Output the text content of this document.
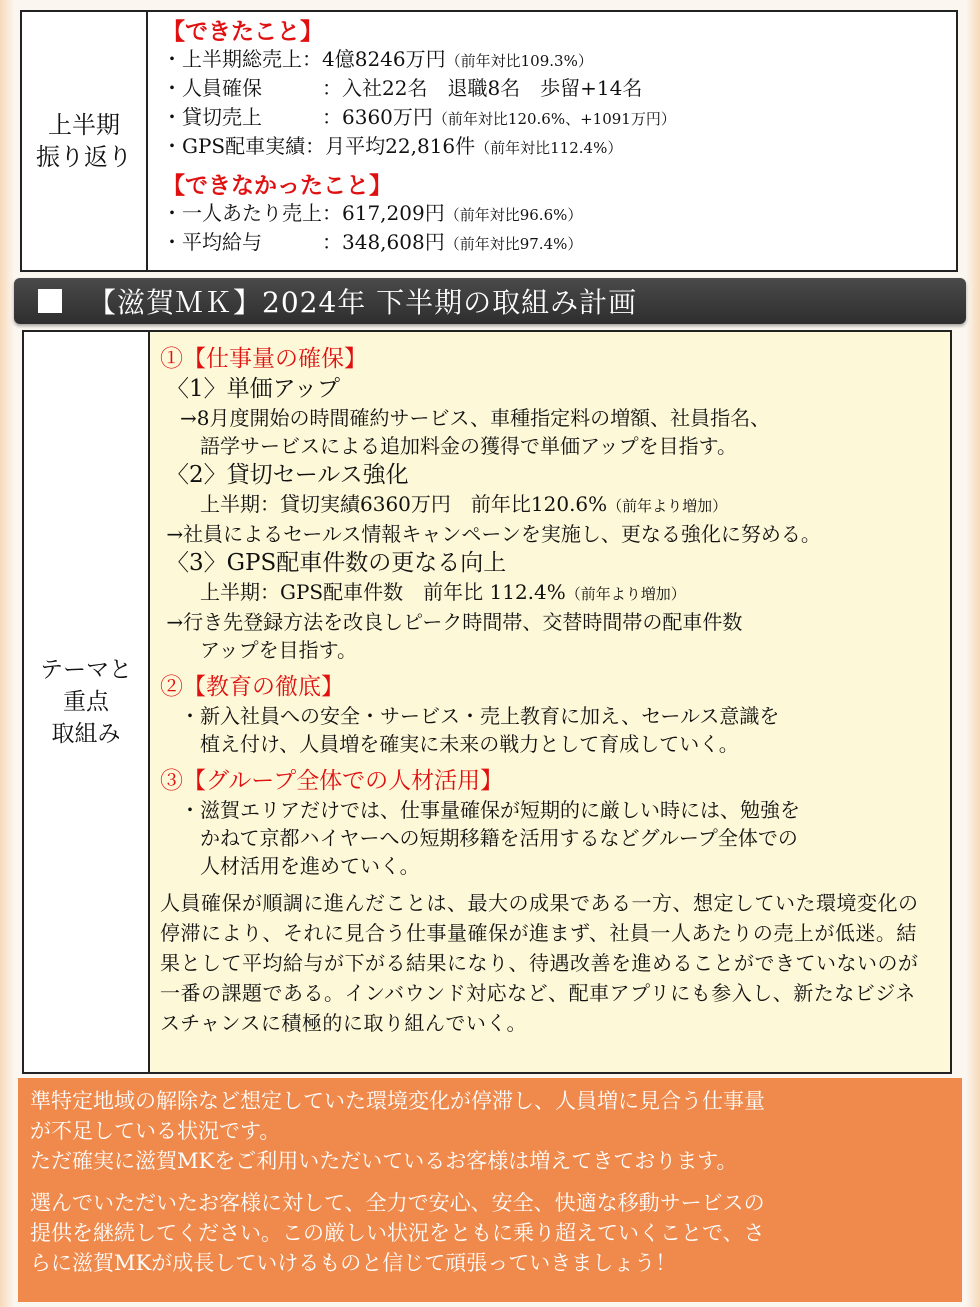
上半期
振り返り
【できたこと】
・上半期総売上：4億8246万円（前年対比109.3%）
・人員確保　　　：入社22名　退職8名　歩留+14名
・貸切売上　　　：6360万円（前年対比120.6%、+1091万円）
・GPS配車実績：月平均22,816件（前年対比112.4%）
【できなかったこと】
・一人あたり売上：617,209円（前年対比96.6%）
・平均給与　　　：348,608円（前年対比97.4%）
【滋賀ＭＫ】2024年 下半期の取組み計画
テーマと
重点
取組み
①【仕事量の確保】
〈1〉単価アップ
　→8月度開始の時間確約サービス、車種指定料の増額、社員指名、
　　語学サービスによる追加料金の獲得で単価アップを目指す。
〈2〉貸切セールス強化
　　上半期：貸切実績6360万円　前年比120.6%（前年より増加）
→社員によるセールス情報キャンペーンを実施し、更なる強化に努める。
〈3〉GPS配車件数の更なる向上
　　上半期：GPS配車件数　前年比 112.4%（前年より増加）
→行き先登録方法を改良しピーク時間帯、交替時間帯の配車件数
　　アップを目指す。
②【教育の徹底】
　・新入社員への安全・サービス・売上教育に加え、セールス意識を
　　植え付け、人員増を確実に未来の戦力として育成していく。
③【グループ全体での人材活用】
　・滋賀エリアだけでは、仕事量確保が短期的に厳しい時には、勉強を
　　かねて京都ハイヤーへの短期移籍を活用するなどグループ全体での
　　人材活用を進めていく。
人員確保が順調に進んだことは、最大の成果である一方、想定していた環境変化の停滞により、それに見合う仕事量確保が進まず、社員一人あたりの売上が低迷。結果として平均給与が下がる結果になり、待遇改善を進めることができていないのが一番の課題である。インバウンド対応など、配車アプリにも参入し、新たなビジネスチャンスに積極的に取り組んでいく。
準特定地域の解除など想定していた環境変化が停滞し、人員増に見合う仕事量
が不足している状況です。
ただ確実に滋賀MKをご利用いただいているお客様は増えてきております。
選んでいただいたお客様に対して、全力で安心、安全、快適な移動サービスの
提供を継続してください。この厳しい状況をともに乗り超えていくことで、さ
らに滋賀MKが成長していけるものと信じて頑張っていきましょう！
